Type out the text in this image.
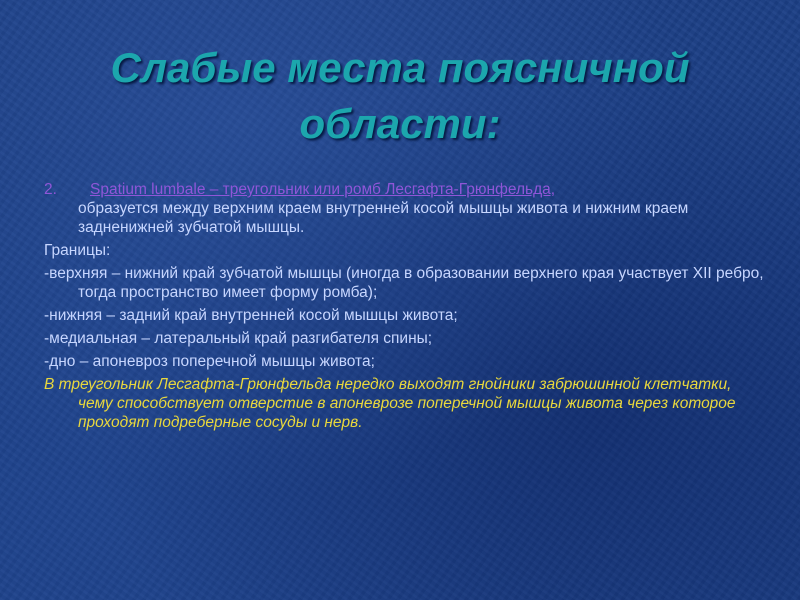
Слабые места поясничной области:
2. Spatium lumbale – треугольник или ромб Лесгафта-Грюнфельда,
образуется между верхним краем внутренней косой мышцы живота и нижним краем задненижней зубчатой мышцы.
Границы:
-верхняя – нижний край зубчатой мышцы (иногда в образовании верхнего края участвует XII ребро, тогда пространство имеет форму ромба);
-нижняя – задний край внутренней косой мышцы живота;
-медиальная – латеральный край разгибателя спины;
-дно – апоневроз поперечной мышцы живота;
В треугольник Лесгафта-Грюнфельда нередко выходят гнойники забрюшинной клетчатки, чему способствует отверстие в апоневрозе поперечной мышцы живота через которое проходят подреберные сосуды и нерв.
